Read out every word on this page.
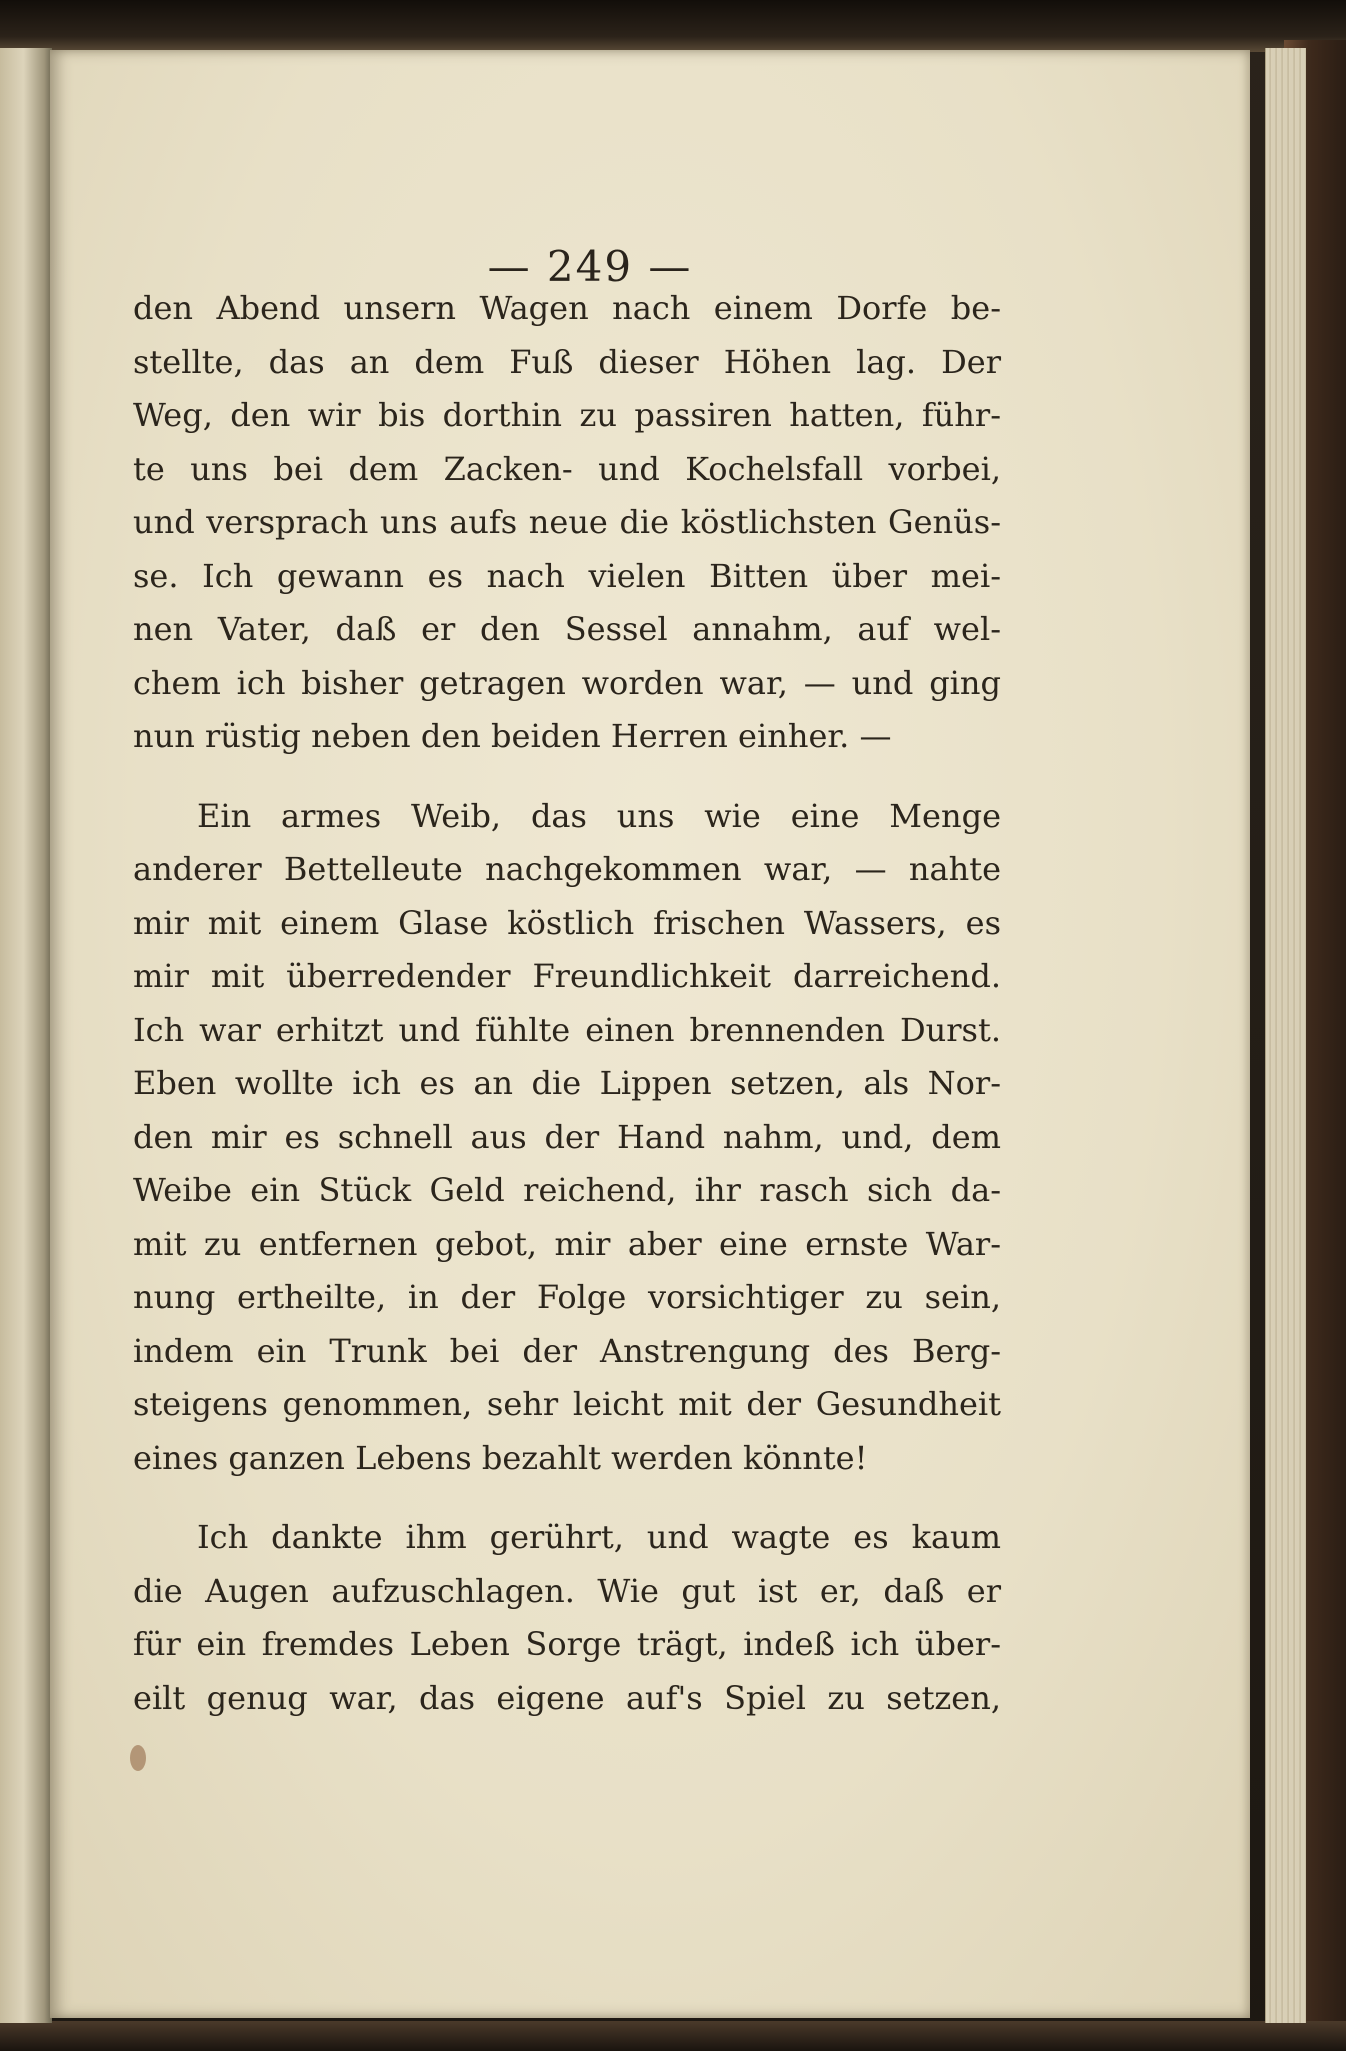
— 249 —
den Abend unsern Wagen nach einem Dorfe be-
stellte, das an dem Fuß dieser Höhen lag. Der
Weg, den wir bis dorthin zu passiren hatten, führ-
te uns bei dem Zacken- und Kochelsfall vorbei,
und versprach uns aufs neue die köstlichsten Genüs-
se. Ich gewann es nach vielen Bitten über mei-
nen Vater, daß er den Sessel annahm, auf wel-
chem ich bisher getragen worden war, — und ging
nun rüstig neben den beiden Herren einher. —
Ein armes Weib, das uns wie eine Menge
anderer Bettelleute nachgekommen war, — nahte
mir mit einem Glase köstlich frischen Wassers, es
mir mit überredender Freundlichkeit darreichend.
Ich war erhitzt und fühlte einen brennenden Durst.
Eben wollte ich es an die Lippen setzen, als Nor-
den mir es schnell aus der Hand nahm, und, dem
Weibe ein Stück Geld reichend, ihr rasch sich da-
mit zu entfernen gebot, mir aber eine ernste War-
nung ertheilte, in der Folge vorsichtiger zu sein,
indem ein Trunk bei der Anstrengung des Berg-
steigens genommen, sehr leicht mit der Gesundheit
eines ganzen Lebens bezahlt werden könnte!
Ich dankte ihm gerührt, und wagte es kaum
die Augen aufzuschlagen. Wie gut ist er, daß er
für ein fremdes Leben Sorge trägt, indeß ich über-
eilt genug war, das eigene auf's Spiel zu setzen,
